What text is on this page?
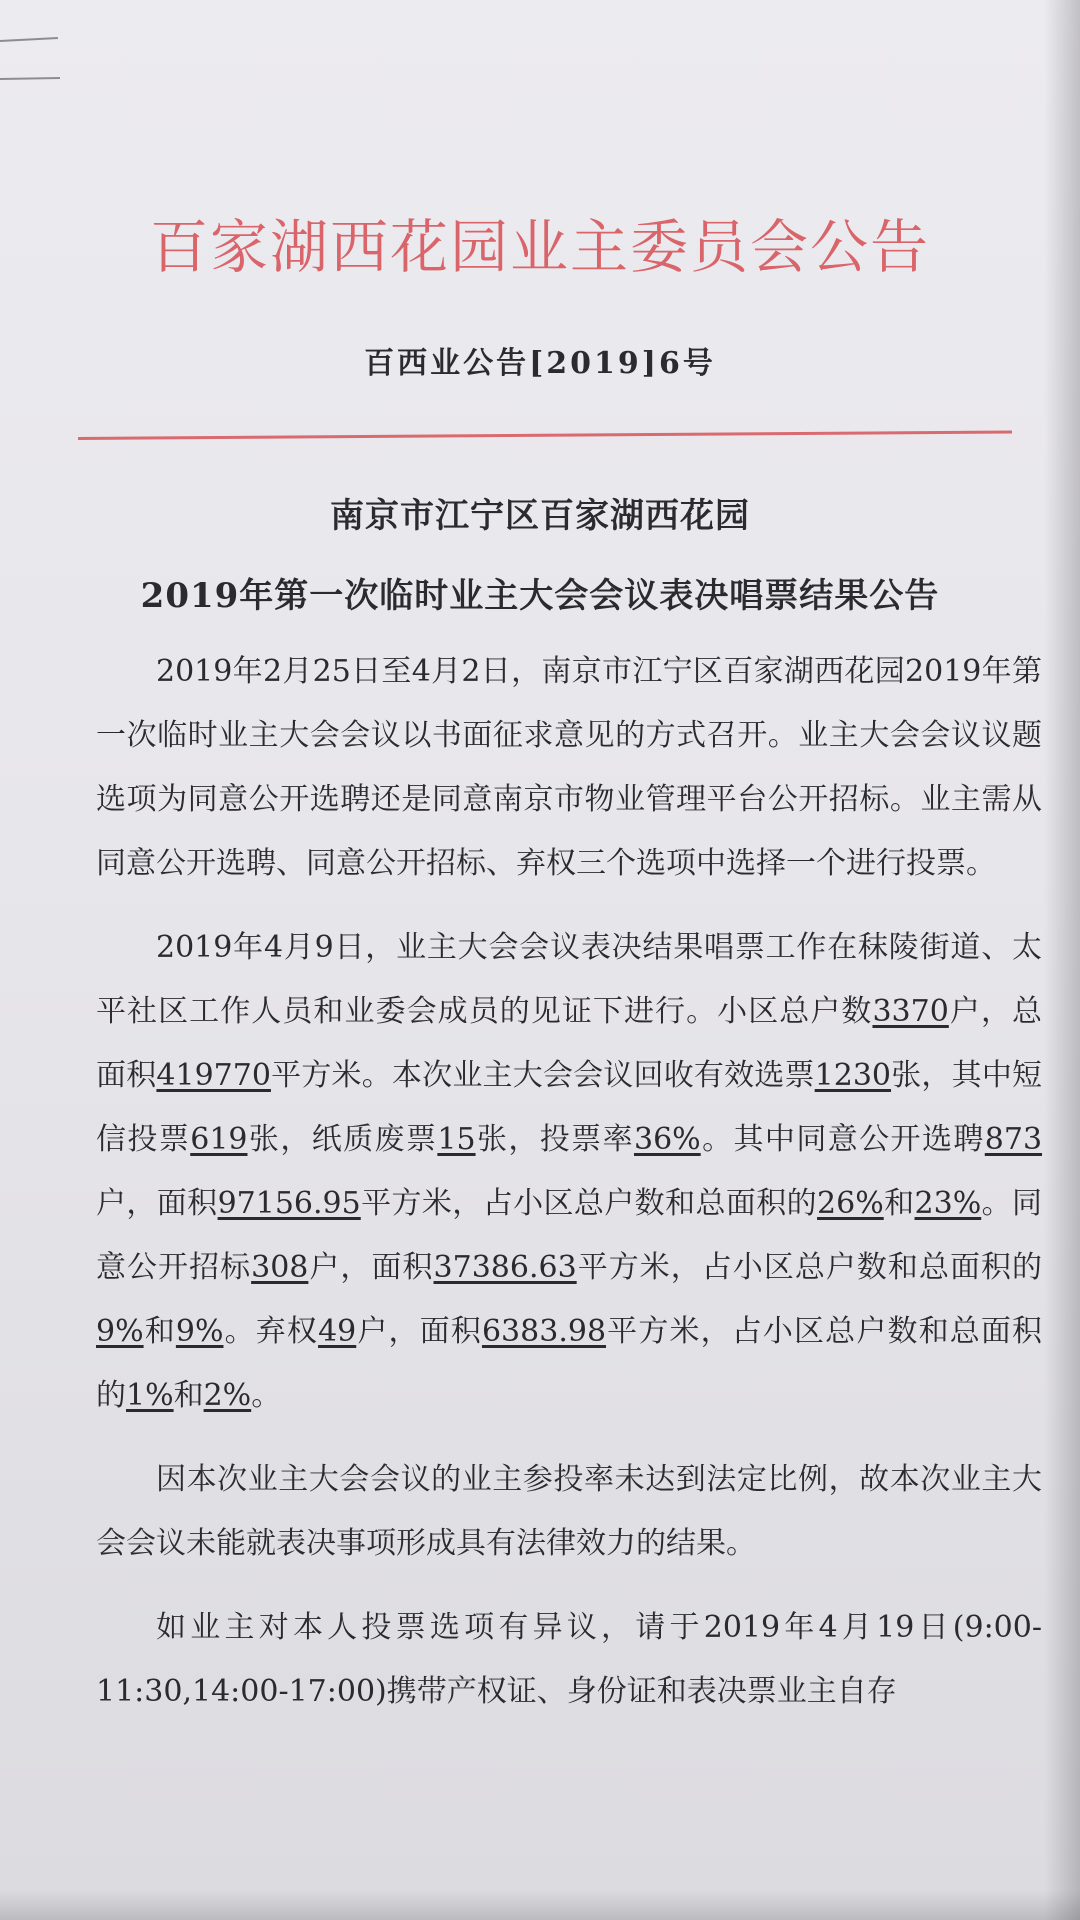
百家湖西花园业主委员会公告
百西业公告[2019]6号
南京市江宁区百家湖西花园
2019年第一次临时业主大会会议表决唱票结果公告

2019年2月25日至4月2日，南京市江宁区百家湖西花园2019年第一次临时业主大会会议以书面征求意见的方式召开。业主大会会议议题选项为同意公开选聘还是同意南京市物业管理平台公开招标。业主需从同意公开选聘、同意公开招标、弃权三个选项中选择一个进行投票。

2019年4月9日，业主大会会议表决结果唱票工作在秣陵街道、太平社区工作人员和业委会成员的见证下进行。小区总户数3370户，总面积419770平方米。本次业主大会会议回收有效选票1230张，其中短信投票619张，纸质废票15张，投票率36%。其中同意公开选聘873户，面积97156.95平方米，占小区总户数和总面积的26%和23%。同意公开招标308户，面积37386.63平方米，占小区总户数和总面积的9%和9%。弃权49户，面积6383.98平方米，占小区总户数和总面积的1%和2%。

因本次业主大会会议的业主参投率未达到法定比例，故本次业主大会会议未能就表决事项形成具有法律效力的结果。

如业主对本人投票选项有异议，请于2019年4月19日(9:00-11:30,14:00-17:00)携带产权证、身份证和表决票业主自存
